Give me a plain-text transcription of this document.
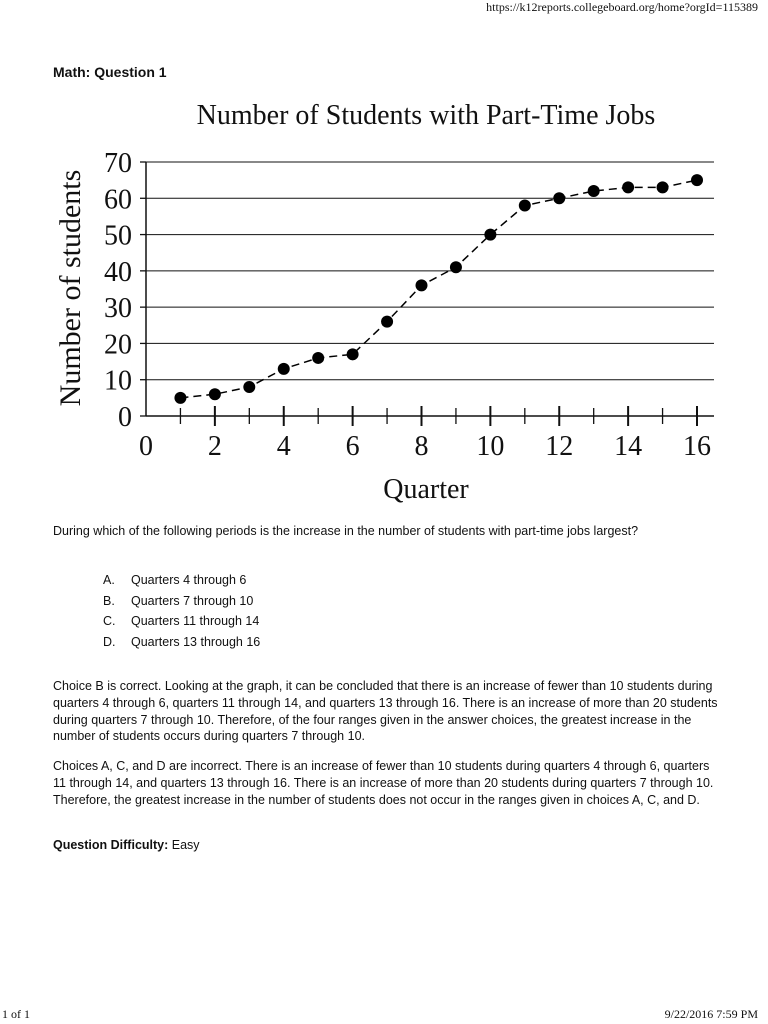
https://k12reports.collegeboard.org/home?orgId=115389
Math: Question 1
Number of Students with Part-Time Jobs
0
10
20
30
40
50
60
70
0 2 4 6 8 10 12 14 16
Number of students
Quarter
During which of the following periods is the increase in the number of students with part-time jobs largest?
A. Quarters 4 through 6
B. Quarters 7 through 10
C. Quarters 11 through 14
D. Quarters 13 through 16

Choice B is correct. Looking at the graph, it can be concluded that there is an increase of fewer than 10 students during quarters 4 through 6, quarters 11 through 14, and quarters 13 through 16. There is an increase of more than 20 students during quarters 7 through 10. Therefore, of the four ranges given in the answer choices, the greatest increase in the number of students occurs during quarters 7 through 10.

Choices A, C, and D are incorrect. There is an increase of fewer than 10 students during quarters 4 through 6, quarters 11 through 14, and quarters 13 through 16. There is an increase of more than 20 students during quarters 7 through 10. Therefore, the greatest increase in the number of students does not occur in the ranges given in choices A, C, and D.

Question Difficulty: Easy
1 of 1	9/22/2016 7:59 PM
